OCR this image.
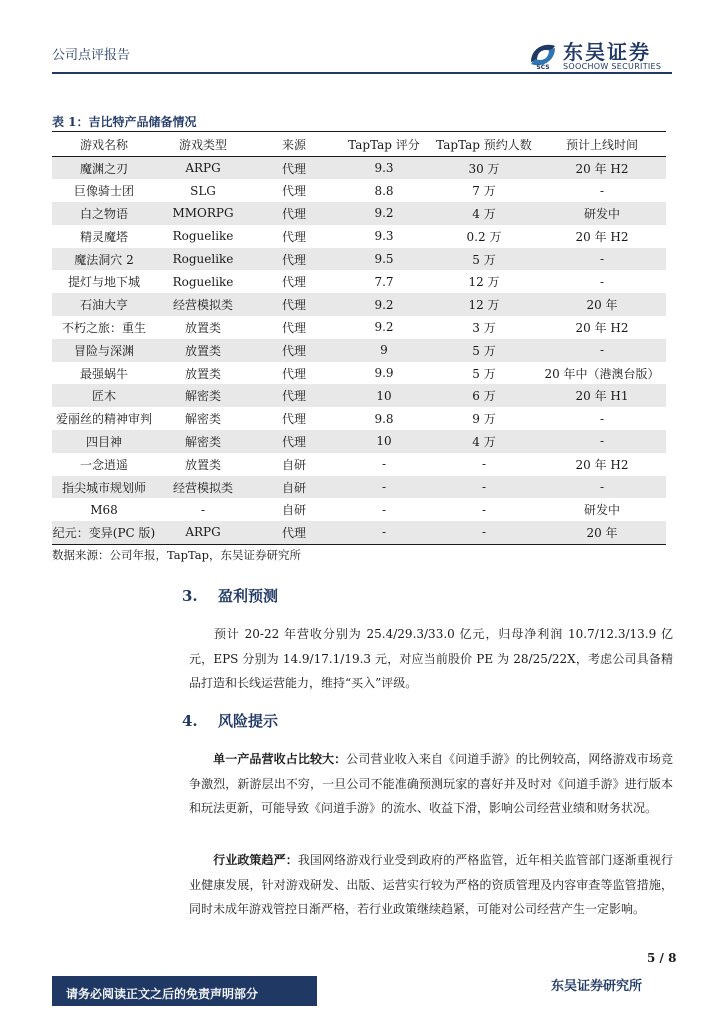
公司点评报告
SCS
东吴证券
SOOCHOW SECURITIES
表 1：吉比特产品储备情况
游戏名称	游戏类型	来源	TapTap 评分	TapTap 预约人数	预计上线时间
魔渊之刃	ARPG	代理	9.3	30 万	20 年 H2
巨像骑士团	SLG	代理	8.8	7 万	-
白之物语	MMORPG	代理	9.2	4 万	研发中
精灵魔塔	Roguelike	代理	9.3	0.2 万	20 年 H2
魔法洞穴 2	Roguelike	代理	9.5	5 万	-
提灯与地下城	Roguelike	代理	7.7	12 万	-
石油大亨	经营模拟类	代理	9.2	12 万	20 年
不朽之旅：重生	放置类	代理	9.2	3 万	20 年 H2
冒险与深渊	放置类	代理	9	5 万	-
最强蜗牛	放置类	代理	9.9	5 万	20 年中（港澳台版）
匠木	解密类	代理	10	6 万	20 年 H1
爱丽丝的精神审判	解密类	代理	9.8	9 万	-
四目神	解密类	代理	10	4 万	-
一念逍遥	放置类	自研	-	-	20 年 H2
指尖城市规划师	经营模拟类	自研	-	-	-
M68	-	自研	-	-	研发中
纪元：变异(PC 版)	ARPG	代理	-	-	20 年
数据来源：公司年报，TapTap，东吴证券研究所
3. 盈利预测
预计 20-22 年营收分别为 25.4/29.3/33.0 亿元，归母净利润 10.7/12.3/13.9 亿元，EPS 分别为 14.9/17.1/19.3 元，对应当前股价 PE 为 28/25/22X，考虑公司具备精品打造和长线运营能力，维持“买入”评级。
4. 风险提示
单一产品营收占比较大：公司营业收入来自《问道手游》的比例较高，网络游戏市场竞争激烈，新游层出不穷，一旦公司不能准确预测玩家的喜好并及时对《问道手游》进行版本和玩法更新，可能导致《问道手游》的流水、收益下滑，影响公司经营业绩和财务状况。
行业政策趋严：我国网络游戏行业受到政府的严格监管，近年相关监管部门逐渐重视行业健康发展，针对游戏研发、出版、运营实行较为严格的资质管理及内容审查等监管措施，同时未成年游戏管控日渐严格，若行业政策继续趋紧，可能对公司经营产生一定影响。
5 / 8
请务必阅读正文之后的免责声明部分	东吴证券研究所
